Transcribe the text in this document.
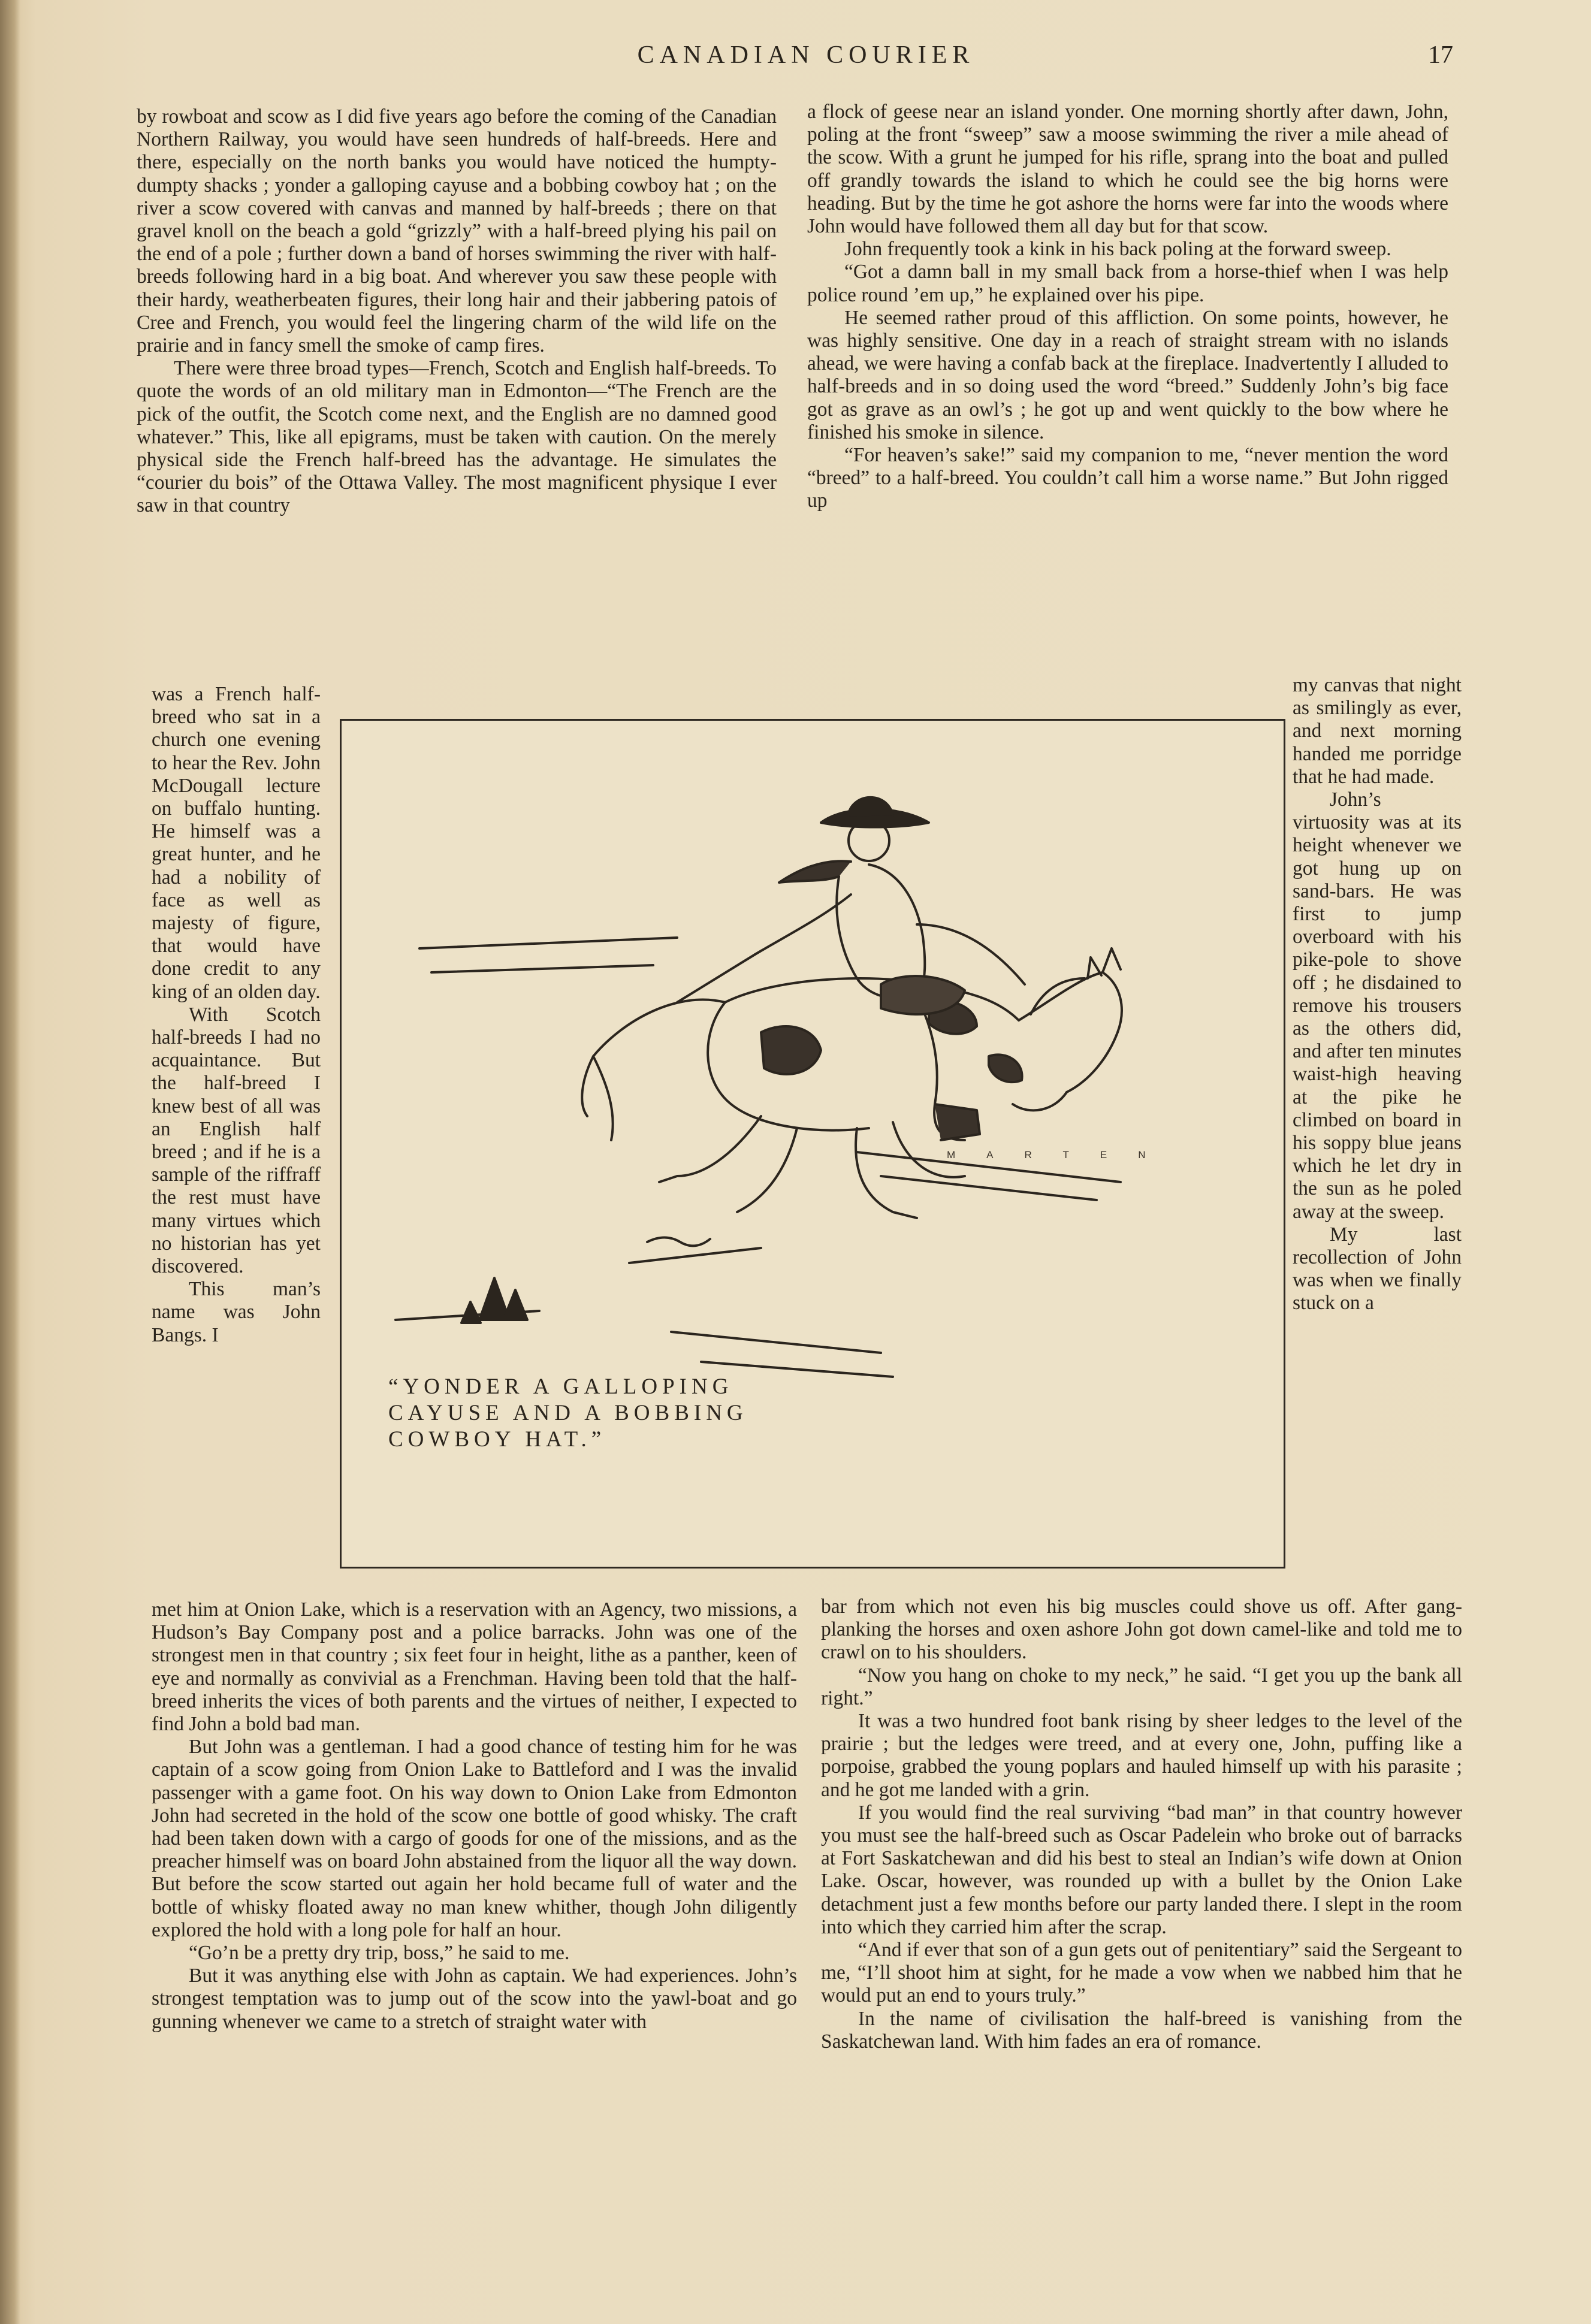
CANADIAN COURIER	17

by rowboat and scow as I did five years ago before the coming of the Canadian Northern Railway, you would have seen hundreds of half-breeds. Here and there, especially on the north banks you would have noticed the humpty-dumpty shacks ; yonder a galloping cayuse and a bobbing cowboy hat ; on the river a scow covered with canvas and manned by half-breeds ; there on that gravel knoll on the beach a gold “grizzly” with a half-breed plying his pail on the end of a pole ; further down a band of horses swimming the river with half-breeds following hard in a big boat. And wherever you saw these people with their hardy, weatherbeaten figures, their long hair and their jabbering patois of Cree and French, you would feel the lingering charm of the wild life on the prairie and in fancy smell the smoke of camp fires.

There were three broad types—French, Scotch and English half-breeds. To quote the words of an old military man in Edmonton—“The French are the pick of the outfit, the Scotch come next, and the English are no damned good whatever.” This, like all epigrams, must be taken with caution. On the merely physical side the French half-breed has the advantage. He simulates the “courier du bois” of the Ottawa Valley. The most magnificent physique I ever saw in that country

was a French half-breed who sat in a church one evening to hear the Rev. John McDougall lecture on buffalo hunting. He himself was a great hunter, and he had a nobility of face as well as majesty of figure, that would have done credit to any king of an olden day.

With Scotch half-breeds I had no acquaintance. But the half-breed I knew best of all was an English half breed ; and if he is a sample of the riffraff the rest must have many virtues which no historian has yet discovered.

This man’s name was John Bangs. I

met him at Onion Lake, which is a reservation with an Agency, two missions, a Hudson’s Bay Company post and a police barracks. John was one of the strongest men in that country ; six feet four in height, lithe as a panther, keen of eye and normally as convivial as a Frenchman. Having been told that the half-breed inherits the vices of both parents and the virtues of neither, I expected to find John a bold bad man.

But John was a gentleman. I had a good chance of testing him for he was captain of a scow going from Onion Lake to Battleford and I was the invalid passenger with a game foot. On his way down to Onion Lake from Edmonton John had secreted in the hold of the scow one bottle of good whisky. The craft had been taken down with a cargo of goods for one of the missions, and as the preacher himself was on board John abstained from the liquor all the way down. But before the scow started out again her hold became full of water and the bottle of whisky floated away no man knew whither, though John diligently explored the hold with a long pole for half an hour.

“Go’n be a pretty dry trip, boss,” he said to me.

But it was anything else with John as captain. We had experiences. John’s strongest temptation was to jump out of the scow into the yawl-boat and go gunning whenever we came to a stretch of straight water with

a flock of geese near an island yonder. One morning shortly after dawn, John, poling at the front “sweep” saw a moose swimming the river a mile ahead of the scow. With a grunt he jumped for his rifle, sprang into the boat and pulled off grandly towards the island to which he could see the big horns were heading. But by the time he got ashore the horns were far into the woods where John would have followed them all day but for that scow.

John frequently took a kink in his back poling at the forward sweep.

“Got a damn ball in my small back from a horse-thief when I was help police round ’em up,” he explained over his pipe.

He seemed rather proud of this affliction. On some points, however, he was highly sensitive. One day in a reach of straight stream with no islands ahead, we were having a confab back at the fireplace. Inadvertently I alluded to half-breeds and in so doing used the word “breed.” Suddenly John’s big face got as grave as an owl’s ; he got up and went quickly to the bow where he finished his smoke in silence.

“For heaven’s sake!” said my companion to me, “never mention the word “breed” to a half-breed. You couldn’t call him a worse name.” But John rigged up

my canvas that night as smilingly as ever, and next morning handed me porridge that he had made.

John’s virtuosity was at its height whenever we got hung up on sand-bars. He was first to jump overboard with his pike-pole to shove off ; he disdained to remove his trousers as the others did, and after ten minutes waist-high heaving at the pike he climbed on board in his soppy blue jeans which he let dry in the sun as he poled away at the sweep.

My last recollection of John was when we finally stuck on a

bar from which not even his big muscles could shove us off. After gang-planking the horses and oxen ashore John got down camel-like and told me to crawl on to his shoulders.

“Now you hang on choke to my neck,” he said. “I get you up the bank all right.”

It was a two hundred foot bank rising by sheer ledges to the level of the prairie ; but the ledges were treed, and at every one, John, puffing like a porpoise, grabbed the young poplars and hauled himself up with his parasite ; and he got me landed with a grin.

If you would find the real surviving “bad man” in that country however you must see the half-breed such as Oscar Padelein who broke out of barracks at Fort Saskatchewan and did his best to steal an Indian’s wife down at Onion Lake. Oscar, however, was rounded up with a bullet by the Onion Lake detachment just a few months before our party landed there. I slept in the room into which they carried him after the scrap.

“And if ever that son of a gun gets out of penitentiary” said the Sergeant to me, “I’ll shoot him at sight, for he made a vow when we nabbed him that he would put an end to yours truly.”

In the name of civilisation the half-breed is vanishing from the Saskatchewan land. With him fades an era of romance.

MARTEN
“YONDER A GALLOPING CAYUSE AND A BOBBING COWBOY HAT.”
